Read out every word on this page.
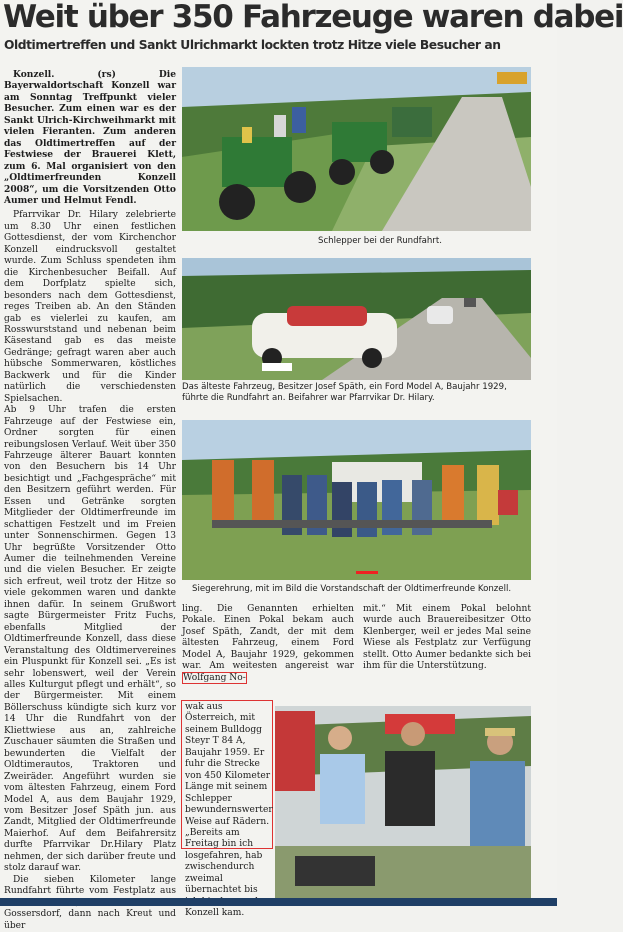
Weit über 350 Fahrzeuge waren dabei
Oldtimertreffen und Sankt Ulrichmarkt lockten trotz Hitze viele Besucher an

Konzell. (rs) Die Bayerwaldortschaft Konzell war am Sonntag Treffpunkt vieler Besucher. Zum einen war es der Sankt Ulrich-Kirchweihmarkt mit vielen Fieranten. Zum anderen das Oldtimertreffen auf der Festwiese der Brauerei Klett, zum 6. Mal organisiert von den „Oldtimerfreunden Konzell 2008“, um die Vorsitzenden Otto Aumer und Helmut Fendl.

Pfarrvikar Dr. Hilary zelebrierte um 8.30 Uhr einen festlichen Gottesdienst, der vom Kirchenchor Konzell eindrucksvoll gestaltet wurde. Zum Schluss spendeten ihm die Kirchenbesucher Beifall. Auf dem Dorfplatz spielte sich, besonders nach dem Gottesdienst, reges Treiben ab. An den Ständen gab es vielerlei zu kaufen, am Rosswurststand und nebenan beim Käsestand gab es das meiste Gedränge; gefragt waren aber auch hübsche Sommerwaren, köstliches Backwerk und für die Kinder natürlich die verschiedensten Spielsachen.

Ab 9 Uhr trafen die ersten Fahrzeuge auf der Festwiese ein, Ordner sorgten für einen reibungslosen Verlauf. Weit über 350 Fahrzeuge älterer Bauart konnten von den Besuchern bis 14 Uhr besichtigt und „Fachgespräche“ mit den Besitzern geführt werden. Für Essen und Getränke sorgten Mitglieder der Oldtimerfreunde im schattigen Festzelt und im Freien unter Sonnenschirmen. Gegen 13 Uhr begrüßte Vorsitzender Otto Aumer die teilnehmenden Vereine und die vielen Besucher. Er zeigte sich erfreut, weil trotz der Hitze so viele gekommen waren und dankte ihnen dafür. In seinem Grußwort sagte Bürgermeister Fritz Fuchs, ebenfalls Mitglied der Oldtimerfreunde Konzell, dass diese Veranstaltung des Oldtimervereines ein Pluspunkt für Konzell sei. „Es ist sehr lobenswert, weil der Verein alles Kulturgut pflegt und erhält“, so der Bürgermeister. Mit einem Böllerschuss kündigte sich kurz vor 14 Uhr die Rundfahrt von der Kliettwiese aus an, zahlreiche Zuschauer säumten die Straßen und bewunderten die Vielfalt der Oldtimerautos, Traktoren und Zweiräder. Angeführt wurden sie vom ältesten Fahrzeug, einem Ford Model A, aus dem Baujahr 1929, vom Besitzer Josef Späth jun. aus Zandt, Mitglied der Oldtimerfreunde Maierhof. Auf dem Beifahrersitz durfte Pfarrvikar Dr.Hilary Platz nehmen, der sich darüber freute und stolz darauf war.

Die sieben Kilometer lange Rundfahrt führte vom Festplatz aus Gossersdorf, dann nach Kreut und über

Schlepper bei der Rundfahrt.
Das älteste Fahrzeug, Besitzer Josef Späth, ein Ford Model A, Baujahr 1929, führte die Rundfahrt an. Beifahrer war Pfarrvikar Dr. Hilary.
Siegerehrung, mit im Bild die Vorstandschaft der Oldtimerfreunde Konzell.
ling. Die Genannten erhielten Pokale. Einen Pokal bekam auch Josef Späth, Zandt, der mit dem ältesten Fahrzeug, einem Ford Model A, Baujahr 1929, gekommen war. Am weitesten angereist war Wolfgang No-
wak aus Österreich, mit seinem Bulldogg Steyr T 84 A, Baujahr 1959. Er fuhr die Strecke von 450 Kilometer Länge mit seinem Schlepper bewundernswerter Weise auf Rädern. „Bereits am Freitag bin ich losgefahren, hab zwischendurch zweimal übernachtet bis Konzell kam.
mit.“ Mit einem Pokal belohnt wurde auch Brauereibesitzer Otto Klenberger, weil er jedes Mal seine Wiese als Festplatz zur Verfügung stellt. Otto Aumer bedankte sich bei ihm für die Unterstützung.
